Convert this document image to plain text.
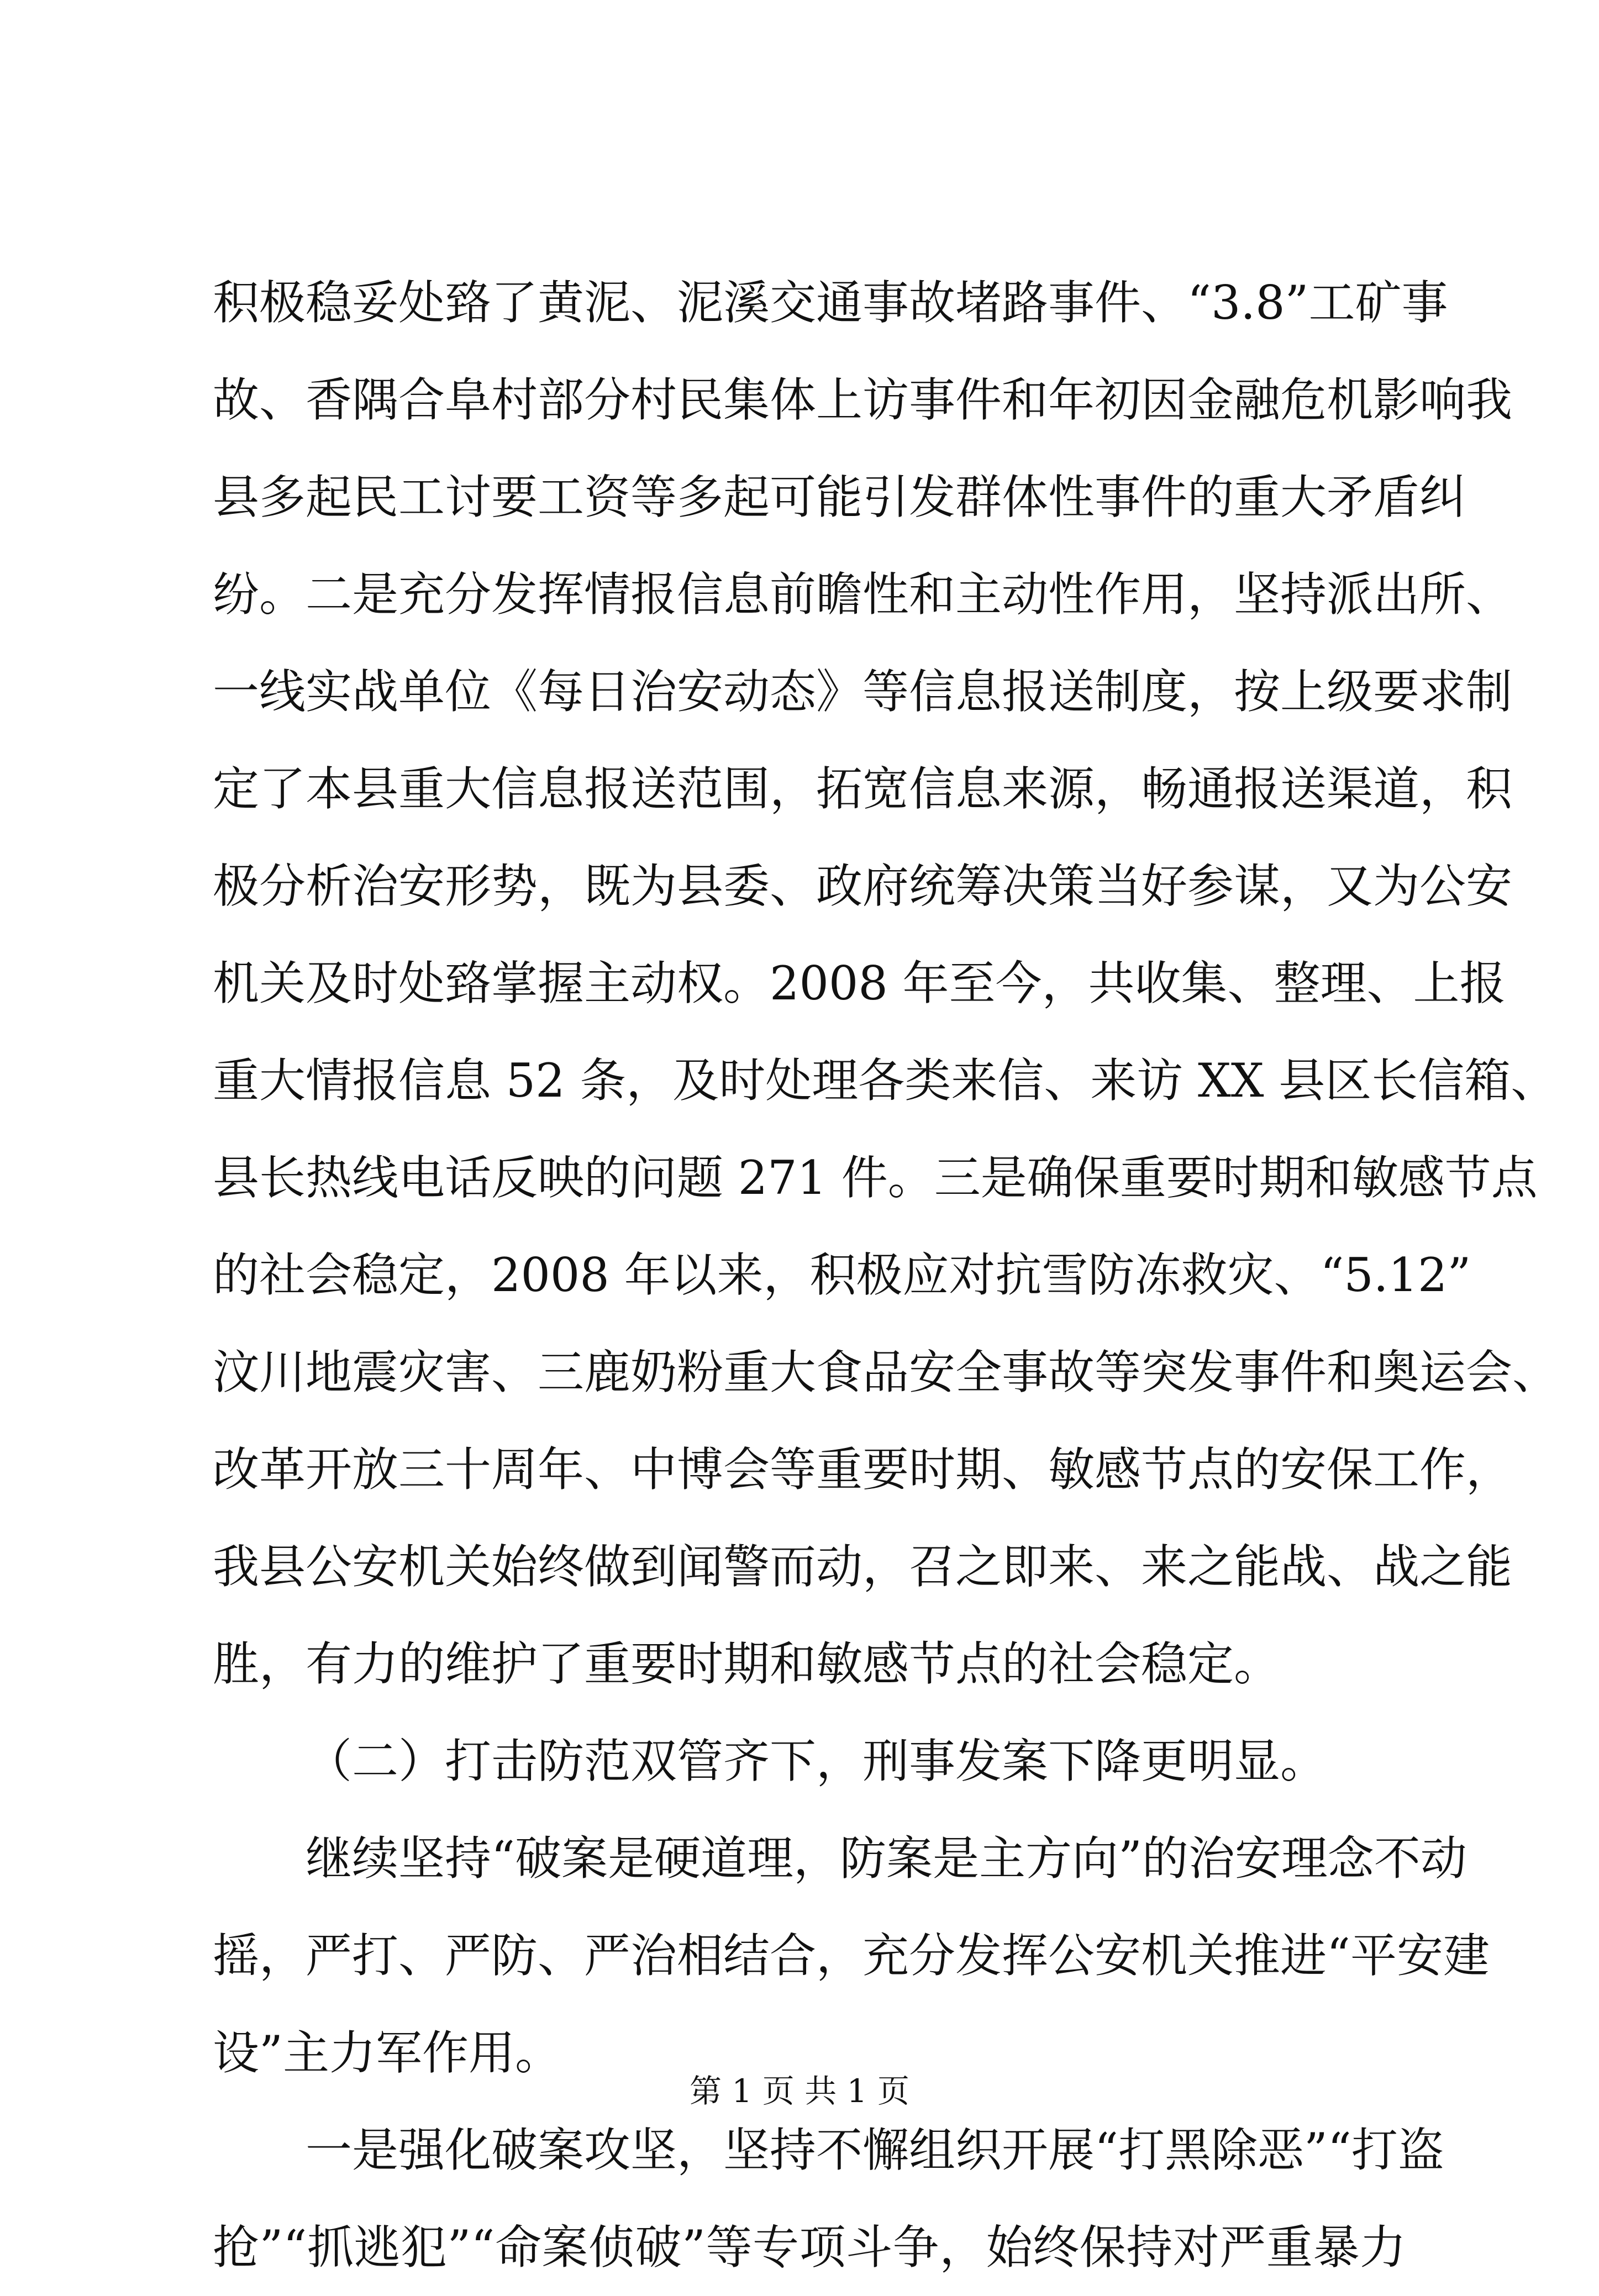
积极稳妥处臵了黄泥、泥溪交通事故堵路事件、“3.8”工矿事
故、香隅合阜村部分村民集体上访事件和年初因金融危机影响我
县多起民工讨要工资等多起可能引发群体性事件的重大矛盾纠
纷。二是充分发挥情报信息前瞻性和主动性作用，坚持派出所、
一线实战单位《每日治安动态》等信息报送制度，按上级要求制
定了本县重大信息报送范围，拓宽信息来源，畅通报送渠道，积
极分析治安形势，既为县委、政府统筹决策当好参谋，又为公安
机关及时处臵掌握主动权。2008 年至今，共收集、整理、上报
重大情报信息 52 条，及时处理各类来信、来访 XX 县区长信箱、
县长热线电话反映的问题 271 件。三是确保重要时期和敏感节点
的社会稳定，2008 年以来，积极应对抗雪防冻救灾、“5.12”
汶川地震灾害、三鹿奶粉重大食品安全事故等突发事件和奥运会、
改革开放三十周年、中博会等重要时期、敏感节点的安保工作，
我县公安机关始终做到闻警而动，召之即来、来之能战、战之能
胜，有力的维护了重要时期和敏感节点的社会稳定。
（二）打击防范双管齐下，刑事发案下降更明显。
继续坚持“破案是硬道理，防案是主方向”的治安理念不动
摇，严打、严防、严治相结合，充分发挥公安机关推进“平安建
设”主力军作用。
一是强化破案攻坚，坚持不懈组织开展“打黑除恶”“打盗
抢”“抓逃犯”“命案侦破”等专项斗争，始终保持对严重暴力
第 1 页 共 1 页
